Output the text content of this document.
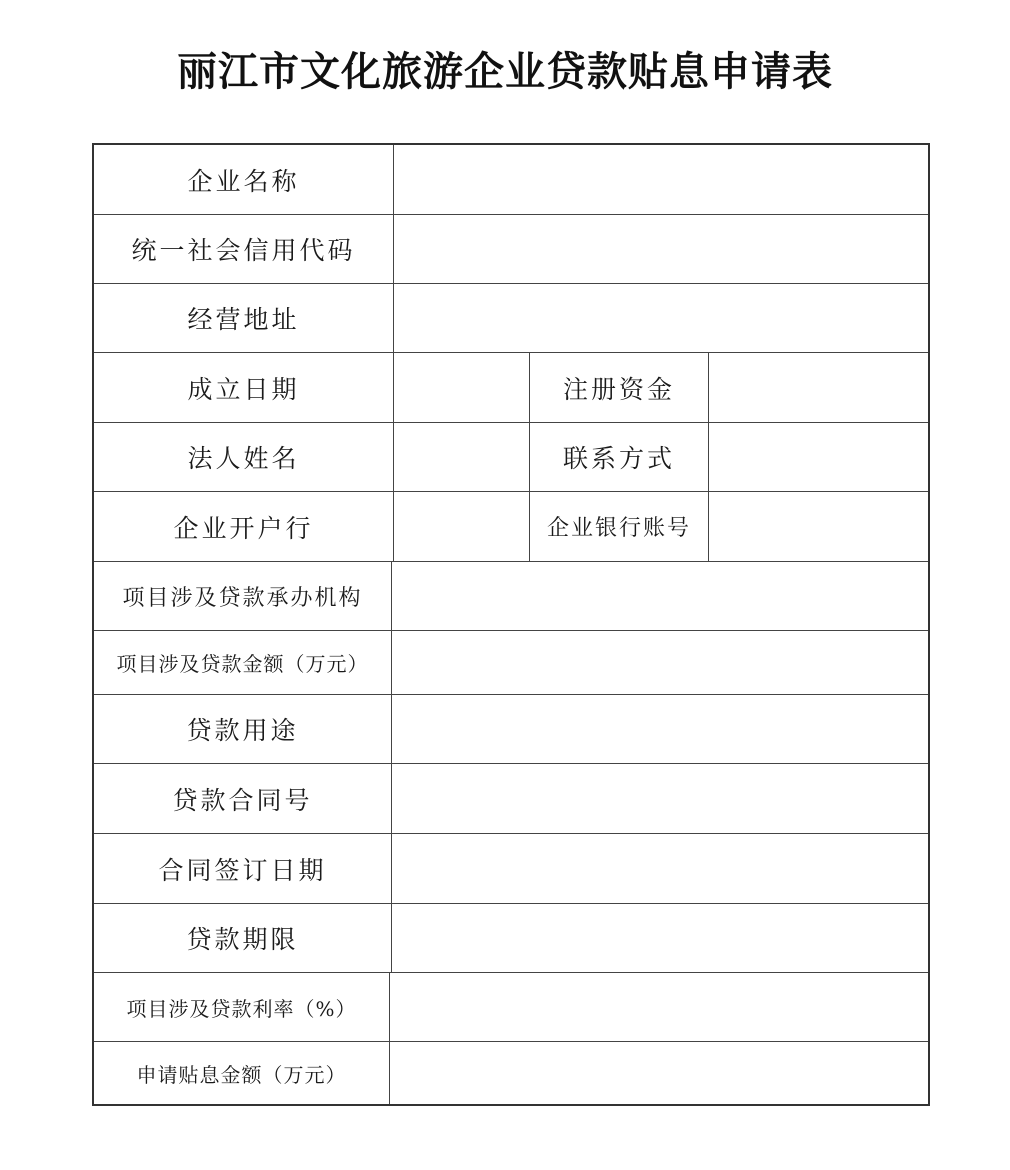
丽江市文化旅游企业贷款贴息申请表
企业名称
统一社会信用代码
经营地址
成立日期	注册资金
法人姓名	联系方式
企业开户行	企业银行账号
项目涉及贷款承办机构
项目涉及贷款金额（万元）
贷款用途
贷款合同号
合同签订日期
贷款期限
项目涉及贷款利率（%）
申请贴息金额（万元）
